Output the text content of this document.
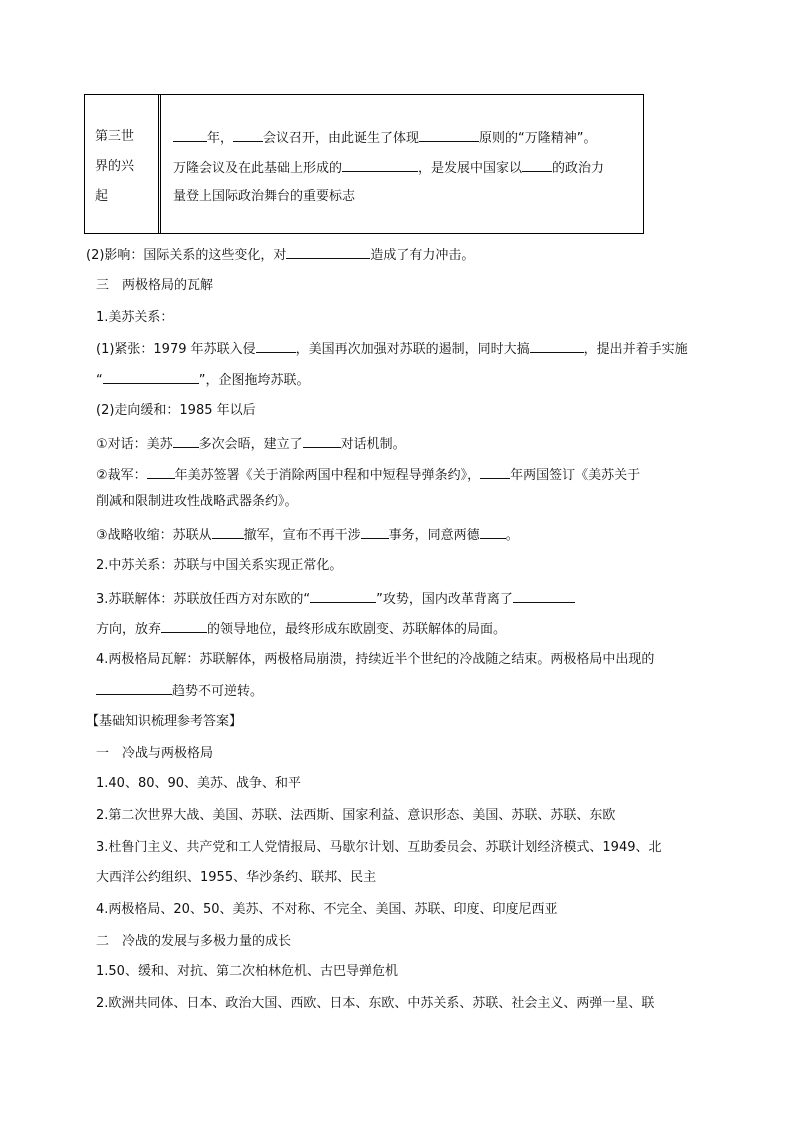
第三世
界的兴
起
年， 会议召开，由此诞生了体现	原则的“万隆精神”。
万隆会议及在此基础上形成的	，是发展中国家以 的政治力
量登上国际政治舞台的重要标志
(2)影响：国际关系的这些变化，对	造成了有力冲击。
三　两极格局的瓦解
1.美苏关系：
(1)紧张：1979 年苏联入侵	，美国再次加强对苏联的遏制，同时大搞	，提出并着手实施
“	”，企图拖垮苏联。
(2)走向缓和：1985 年以后
①对话：美苏 多次会晤，建立了	对话机制。
②裁军： 年美苏签署《关于消除两国中程和中短程导弹条约》， 年两国签订《美苏关于
削减和限制进攻性战略武器条约》。
③战略收缩：苏联从 撤军，宣布不再干涉 事务，同意两德 。
2.中苏关系：苏联与中国关系实现正常化。
3.苏联解体：苏联放任西方对东欧的“	”攻势，国内改革背离了
方向，放弃	的领导地位，最终形成东欧剧变、苏联解体的局面。
4.两极格局瓦解：苏联解体，两极格局崩溃，持续近半个世纪的冷战随之结束。两极格局中出现的
趋势不可逆转。
【基础知识梳理参考答案】
一　冷战与两极格局
1.40、80、90、美苏、战争、和平
2.第二次世界大战、美国、苏联、法西斯、国家利益、意识形态、美国、苏联、苏联、东欧
3.杜鲁门主义、共产党和工人党情报局、马歇尔计划、互助委员会、苏联计划经济模式、1949、北
大西洋公约组织、1955、华沙条约、联邦、民主
4.两极格局、20、50、美苏、不对称、不完全、美国、苏联、印度、印度尼西亚
二　冷战的发展与多极力量的成长
1.50、缓和、对抗、第二次柏林危机、古巴导弹危机
2.欧洲共同体、日本、政治大国、西欧、日本、东欧、中苏关系、苏联、社会主义、两弹一星、联
